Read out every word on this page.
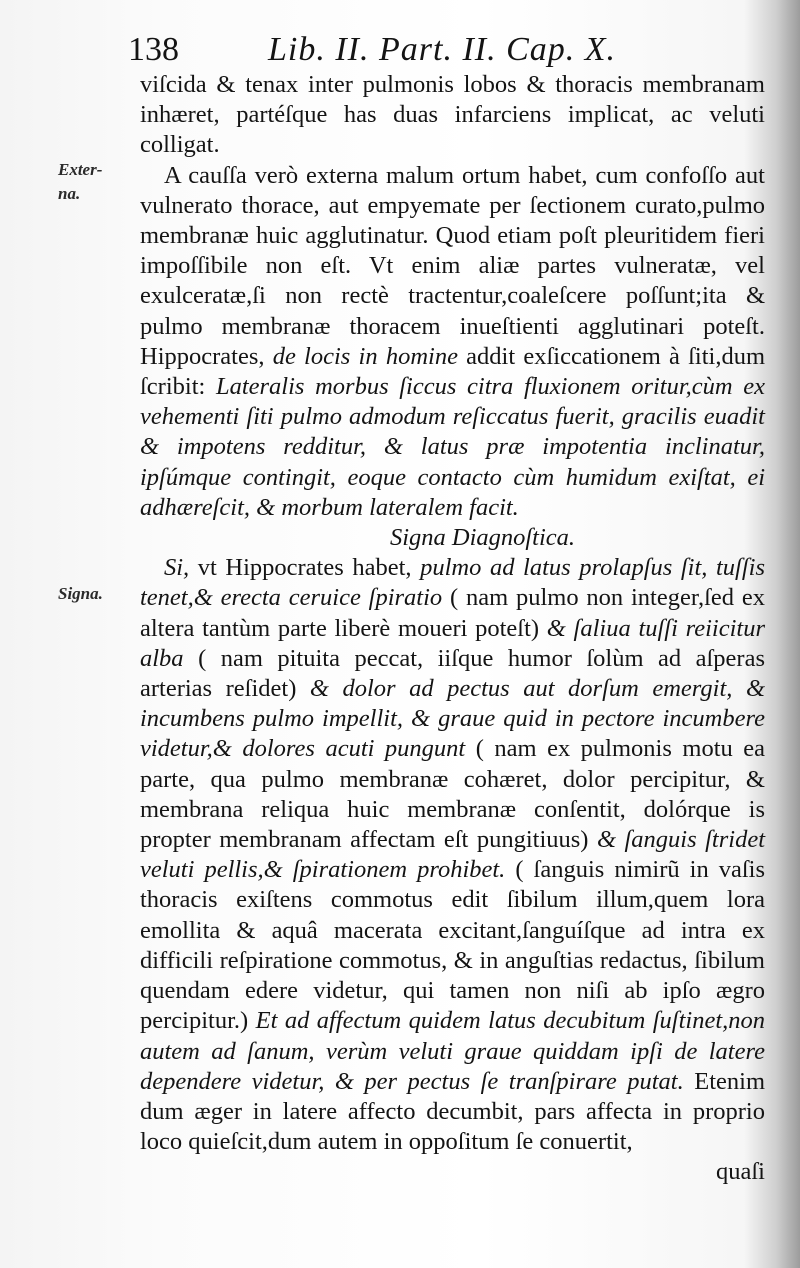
138	Lib. II. Part. II. Cap. X.
Exter-
na.
Signa.

viſcida & tenax inter pulmonis lobos & thoracis membranam inhæret, partéſque has duas infarciens implicat, ac veluti colligat.

A cauſſa verò externa malum ortum habet, cum confoſſo aut vulnerato thorace, aut empyemate per ſectionem curato,pulmo membranæ huic agglutinatur. Quod etiam poſt pleuritidem fieri impoſſibile non eſt. Vt enim aliæ partes vulneratæ, vel exulceratæ,ſi non rectè tractentur,coaleſcere poſſunt;ita & pulmo membranæ thoracem inueſtienti agglutinari poteſt. Hippocrates, de locis in homine addit exſiccationem à ſiti,dum ſcribit: Lateralis morbus ſiccus citra fluxionem oritur,cùm ex vehementi ſiti pulmo admodum reſiccatus fuerit, gracilis euadit & impotens redditur, & latus præ impotentia inclinatur, ipſúmque contingit, eoque contacto cùm humidum exiſtat, ei adhæreſcit, & morbum lateralem facit.

Signa Diagnoſtica.

Si, vt Hippocrates habet, pulmo ad latus prolapſus ſit, tuſſis tenet,& erecta ceruice ſpiratio ( nam pulmo non integer,ſed ex altera tantùm parte liberè moueri poteſt) & ſaliua tuſſi reiicitur alba ( nam pituita peccat, iiſque humor ſolùm ad aſperas arterias reſidet) & dolor ad pectus aut dorſum emergit, & incumbens pulmo impellit, & graue quid in pectore incumbere videtur,& dolores acuti pungunt ( nam ex pulmonis motu ea parte, qua pulmo membranæ cohæret, dolor percipitur, & membrana reliqua huic membranæ conſentit, dolórque is propter membranam affectam eſt pungitiuus) & ſanguis ſtridet veluti pellis,& ſpirationem prohibet. ( ſanguis nimirũ in vaſis thoracis exiſtens commotus edit ſibilum illum,quem lora emollita & aquâ macerata excitant,ſanguíſque ad intra ex difficili reſpiratione commotus, & in anguſtias redactus, ſibilum quendam edere videtur, qui tamen non niſi ab ipſo ægro percipitur.) Et ad affectum quidem latus decubitum ſuſtinet,non autem ad ſanum, verùm veluti graue quiddam ipſi de latere dependere videtur, & per pectus ſe tranſpirare putat. Etenim dum æger in latere affecto decumbit, pars affecta in proprio loco quieſcit,dum autem in oppoſitum ſe conuertit,

quaſi
